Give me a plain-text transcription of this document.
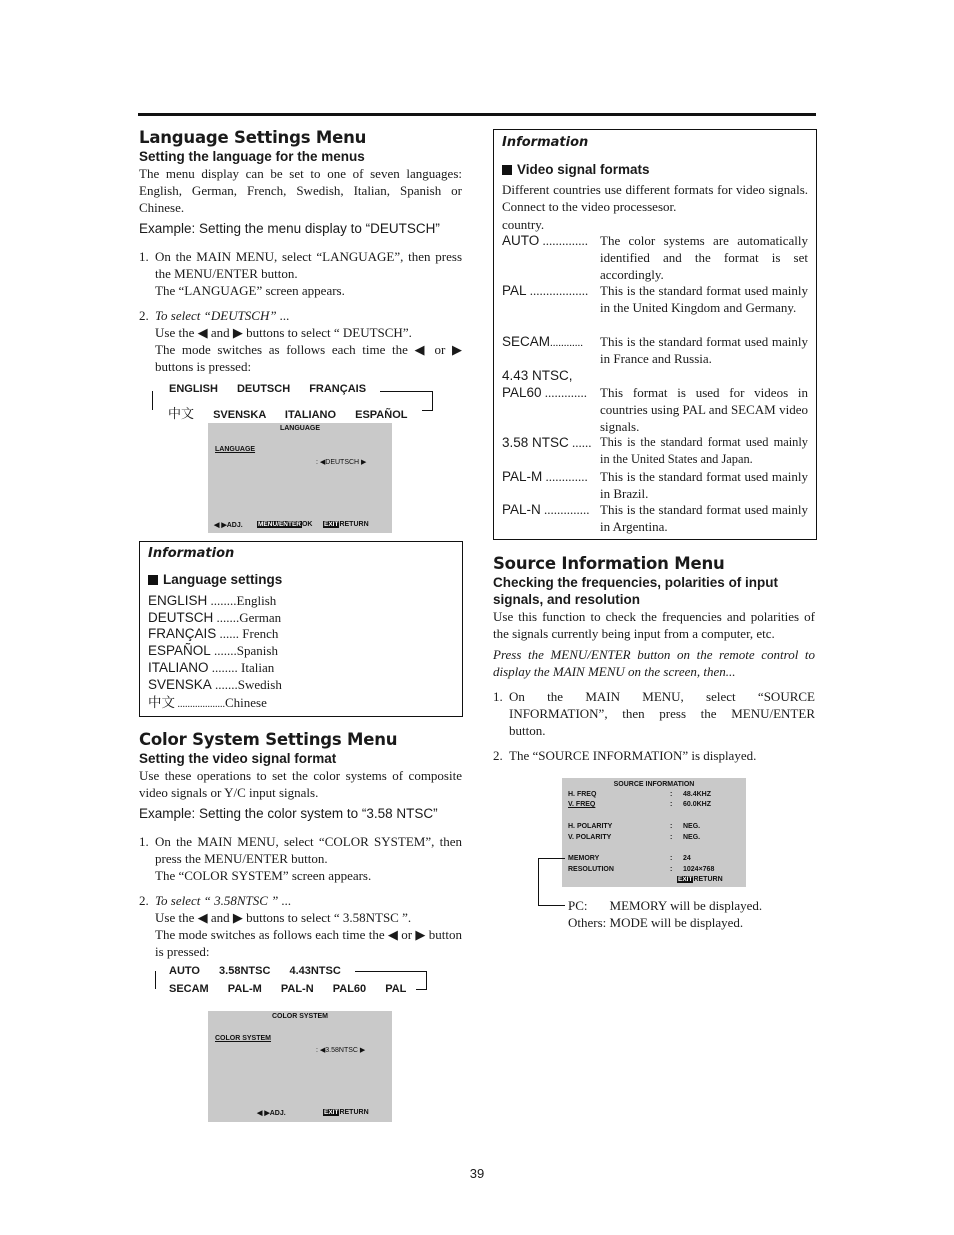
Language Settings Menu
Setting the language for the menus

The menu display can be set to one of seven languages: English, German, French, Swedish, Italian, Spanish or Chinese.

Example: Setting the menu display to “DEUTSCH”

1. On the MAIN MENU, select “LANGUAGE”, then press the MENU/ENTER button.
The “LANGUAGE” screen appears.
2. To select “DEUTSCH” ...
Use the ◀ and ▶ buttons to select “ DEUTSCH”.
The mode switches as follows each time the ◀ or ▶ buttons is pressed:
ENGLISH DEUTSCH FRANÇAIS
中文 SVENSKA ITALIANO ESPAÑOL
LANGUAGE
LANGUAGE
: ◀DEUTSCH ▶
◀ ▶ADJ. MENU/ENTEROK EXITRETURN
Information
Language settings
ENGLISH ........English
DEUTSCH .......German
FRANÇAIS ...... French
ESPAÑOL .......Spanish
ITALIANO ........ Italian
SVENSKA .......Swedish
中文 ...................Chinese
Color System Settings Menu
Setting the video signal format

Use these operations to set the color systems of composite video signals or Y/C input signals.

Example: Setting the color system to “3.58 NTSC”

1. On the MAIN MENU, select “COLOR SYSTEM”, then press the MENU/ENTER button.
The “COLOR SYSTEM” screen appears.
2. To select “ 3.58NTSC ” ...
Use the ◀ and ▶ buttons to select “ 3.58NTSC ”.
The mode switches as follows each time the ◀ or ▶ button is pressed:
AUTO 3.58NTSC 4.43NTSC
SECAM PAL-M PAL-N PAL60 PAL
COLOR SYSTEM
COLOR SYSTEM
: ◀3.58NTSC ▶
◀ ▶ADJ.	EXITRETURN
Information
Video signal formats
Different countries use different formats for video signals. Connect to the video processesor.
country.
AUTO .............. The color systems are automatically identified and the format is set accordingly.
PAL .................. This is the standard format used mainly in the United Kingdom and Germany.
SECAM............ This is the standard format used mainly in France and Russia.
4.43 NTSC,
PAL60 ............. This format is used for videos in countries using PAL and SECAM video signals.
3.58 NTSC ...... This is the standard format used mainly in the United States and Japan.
PAL-M ............. This is the standard format used mainly in Brazil.
PAL-N .............. This is the standard format used mainly in Argentina.
Source Information Menu
Checking the frequencies, polarities of input signals, and resolution

Use this function to check the frequencies and polarities of the signals currently being input from a computer, etc.

Press the MENU/ENTER button on the remote control to display the MAIN MENU on the screen, then...

1. On the MAIN MENU, select “SOURCE INFORMATION”, then press the MENU/ENTER button.
2. The “SOURCE INFORMATION” is displayed.
SOURCE INFORMATION
H. FREQ	: 48.4KHZ
V. FREQ	: 60.0KHZ
H. POLARITY	: NEG.
V. POLARITY	: NEG.
MEMORY	: 24
RESOLUTION	: 1024×768
EXITRETURN
PC: MEMORY will be displayed.
Others: MODE will be displayed.
39
